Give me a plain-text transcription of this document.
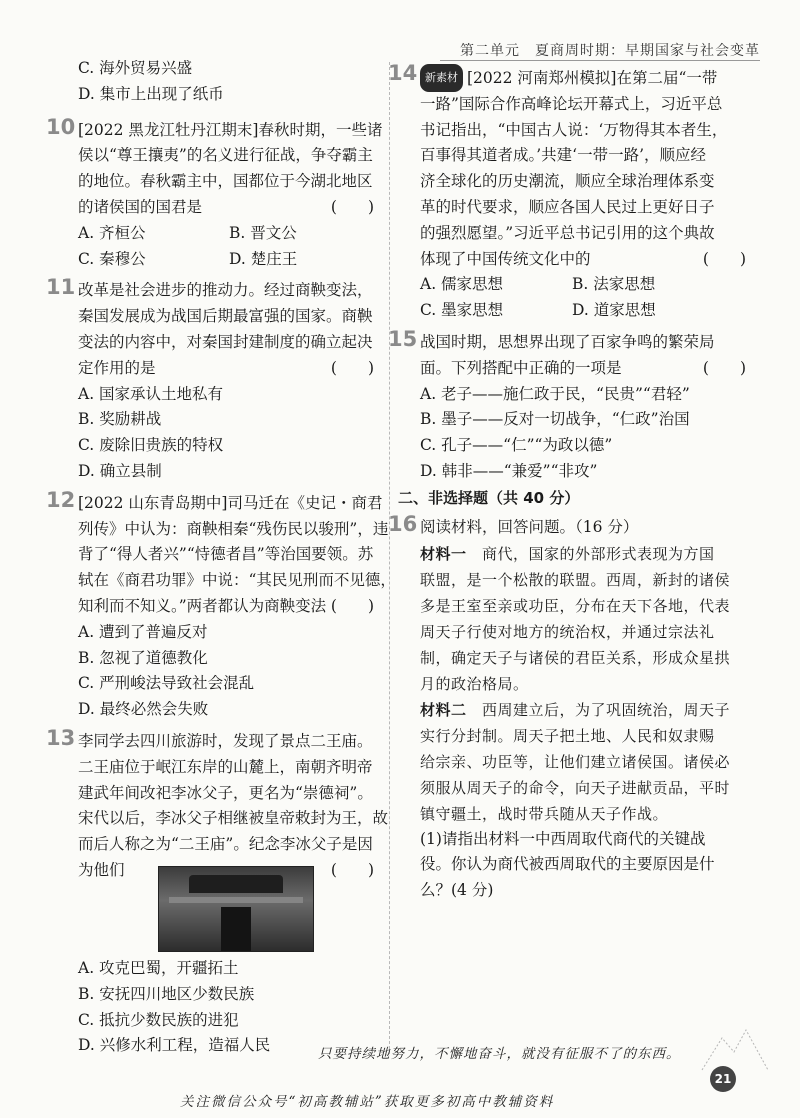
第二单元　 夏商周时期：早期国家与社会变革
C. 海外贸易兴盛
D. 集市上出现了纸币
10 [2022 黑龙江牡丹江期末]春秋时期，一些诸
侯以“尊王攘夷”的名义进行征战，争夺霸主
的地位。春秋霸主中，国都位于今湖北地区
的诸侯国的国君是	(　　)
A. 齐桓公	B. 晋文公
C. 秦穆公	D. 楚庄王
11 改革是社会进步的推动力。经过商鞅变法，
秦国发展成为战国后期最富强的国家。商鞅
变法的内容中，对秦国封建制度的确立起决
定作用的是	(　　)
A. 国家承认土地私有
B. 奖励耕战
C. 废除旧贵族的特权
D. 确立县制
12 [2022 山东青岛期中]司马迁在《史记・商君
列传》中认为：商鞅相秦“残伤民以骏刑”，违
背了“得人者兴”“恃德者昌”等治国要领。苏
轼在《商君功罪》中说：“其民见刑而不见德，
知利而不知义。”两者都认为商鞅变法 (　　)
A. 遭到了普遍反对
B. 忽视了道德教化
C. 严刑峻法导致社会混乱
D. 最终必然会失败
13 李同学去四川旅游时，发现了景点二王庙。
二王庙位于岷江东岸的山麓上，南朝齐明帝
建武年间改祀李冰父子，更名为“崇德祠”。
宋代以后，李冰父子相继被皇帝敕封为王，故
而后人称之为“二王庙”。纪念李冰父子是因
为他们	(　　)
A. 攻克巴蜀，开疆拓土
B. 安抚四川地区少数民族
C. 抵抗少数民族的进犯
D. 兴修水利工程，造福人民
14 新素材 [2022 河南郑州模拟]在第二届“一带
一路”国际合作高峰论坛开幕式上，习近平总
书记指出，“中国古人说：‘万物得其本者生，
百事得其道者成。’共建‘一带一路’，顺应经
济全球化的历史潮流，顺应全球治理体系变
革的时代要求，顺应各国人民过上更好日子
的强烈愿望。”习近平总书记引用的这个典故
体现了中国传统文化中的	(　　)
A. 儒家思想	B. 法家思想
C. 墨家思想	D. 道家思想
15 战国时期，思想界出现了百家争鸣的繁荣局
面。下列搭配中正确的一项是	(　　)
A. 老子——施仁政于民，“民贵”“君轻”
B. 墨子——反对一切战争，“仁政”治国
C. 孔子——“仁”“为政以德”
D. 韩非——“兼爱”“非攻”
二、非选择题（共 40 分）
16 阅读材料，回答问题。（16 分）
材料一　商代，国家的外部形式表现为方国
联盟，是一个松散的联盟。西周，新封的诸侯
多是王室至亲或功臣，分布在天下各地，代表
周天子行使对地方的统治权，并通过宗法礼
制，确定天子与诸侯的君臣关系，形成众星拱
月的政治格局。
材料二　西周建立后，为了巩固统治，周天子
实行分封制。周天子把土地、人民和奴隶赐
给宗亲、功臣等，让他们建立诸侯国。诸侯必
须服从周天子的命令，向天子进献贡品，平时
镇守疆土，战时带兵随从天子作战。
(1)请指出材料一中西周取代商代的关键战
役。你认为商代被西周取代的主要原因是什
么？(4 分)
只要持续地努力，不懈地奋斗，就没有征服不了的东西。
21
关注微信公众号“初高教辅站”获取更多初高中教辅资料
